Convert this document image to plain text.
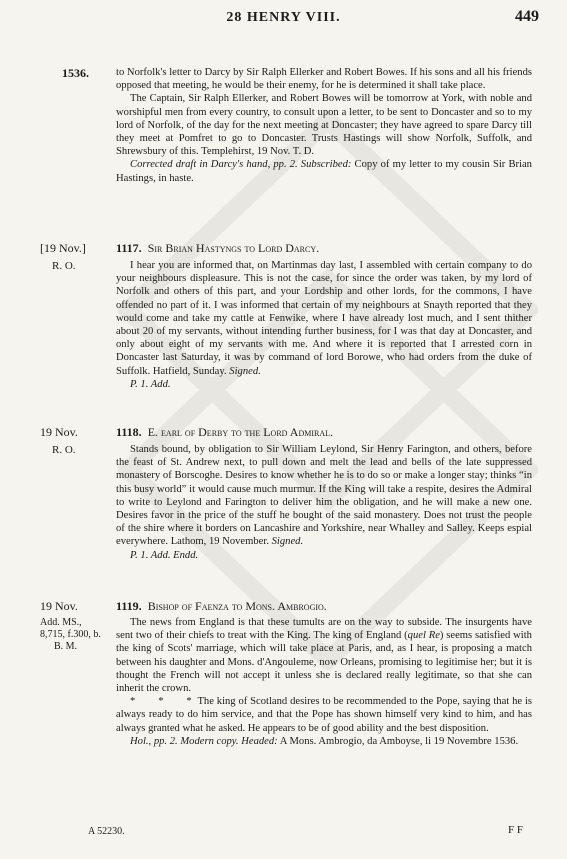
28 HENRY VIII.	449
1536.	to Norfolk's letter to Darcy by Sir Ralph Ellerker and Robert Bowes. If his sons and all his friends opposed that meeting, he would be their enemy, for he is determined it shall take place.

The Captain, Sir Ralph Ellerker, and Robert Bowes will be tomorrow at York, with noble and worshipful men from every country, to consult upon a letter, to be sent to Doncaster and so to my lord of Norfolk, of the day for the next meeting at Doncaster; they have agreed to spare Darcy till they meet at Pomfret to go to Doncaster. Trusts Hastings will show Norfolk, Suffolk, and Shrewsbury of this. Templehirst, 19 Nov. T. D.

Corrected draft in Darcy's hand, pp. 2. Subscribed: Copy of my letter to my cousin Sir Brian Hastings, in haste.

[19 Nov.]	1117. Sir Brian Hastyngs to Lord Darcy.
R. O.	I hear you are informed that, on Martinmas day last, I assembled with certain company to do your neighbours displeasure. This is not the case, for since the order was taken, by my lord of Norfolk and others of this part, and your Lordship and other lords, for the commons, I have offended no part of it. I was informed that certain of my neighbours at Snayth reported that they would come and take my cattle at Fenwike, where I have already lost much, and I sent thither about 20 of my servants, without intending further business, for I was that day at Doncaster, and only about eight of my servants with me. And where it is reported that I arrested corn in Doncaster last Saturday, it was by command of lord Borowe, who had orders from the duke of Suffolk. Hatfield, Sunday. Signed.

P. 1. Add.

19 Nov.	1118. E. earl of Derby to the Lord Admiral.
R. O.	Stands bound, by obligation to Sir William Leylond, Sir Henry Farington, and others, before the feast of St. Andrew next, to pull down and melt the lead and bells of the late suppressed monastery of Borscoghe. Desires to know whether he is to do so or make a longer stay; thinks “in this busy world” it would cause much murmur. If the King will take a respite, desires the Admiral to write to Leylond and Farington to deliver him the obligation, and he will make a new one. Desires favor in the price of the stuff he bought of the said monastery. Does not trust the people of the shire where it borders on Lancashire and Yorkshire, near Whalley and Salley. Keeps espial everywhere. Lathom, 19 November. Signed.

P. 1. Add. Endd.

19 Nov.	1119. Bishop of Faenza to Mons. Ambrogio.
Add. MS.,
8,715, f.300, b.
B. M.

The news from England is that these tumults are on the way to subside. The insurgents have sent two of their chiefs to treat with the King. The king of England (quel Re) seems satisfied with the king of Scots' marriage, which will take place at Paris, and, as I hear, is proposing a match between his daughter and Mons. d'Angouleme, now Orleans, promising to legitimise her; but it is thought the French will not accept it unless she is declared really legitimate, so that she can inherit the crown.

*        *        * The king of Scotland desires to be recommended to the Pope, saying that he is always ready to do him service, and that the Pope has shown himself very kind to him, and has always granted what he asked. He appears to be of good ability and the best disposition.

Hol., pp. 2. Modern copy. Headed: A Mons. Ambrogio, da Amboyse, li 19 Novembre 1536.

A 52230.	F F
